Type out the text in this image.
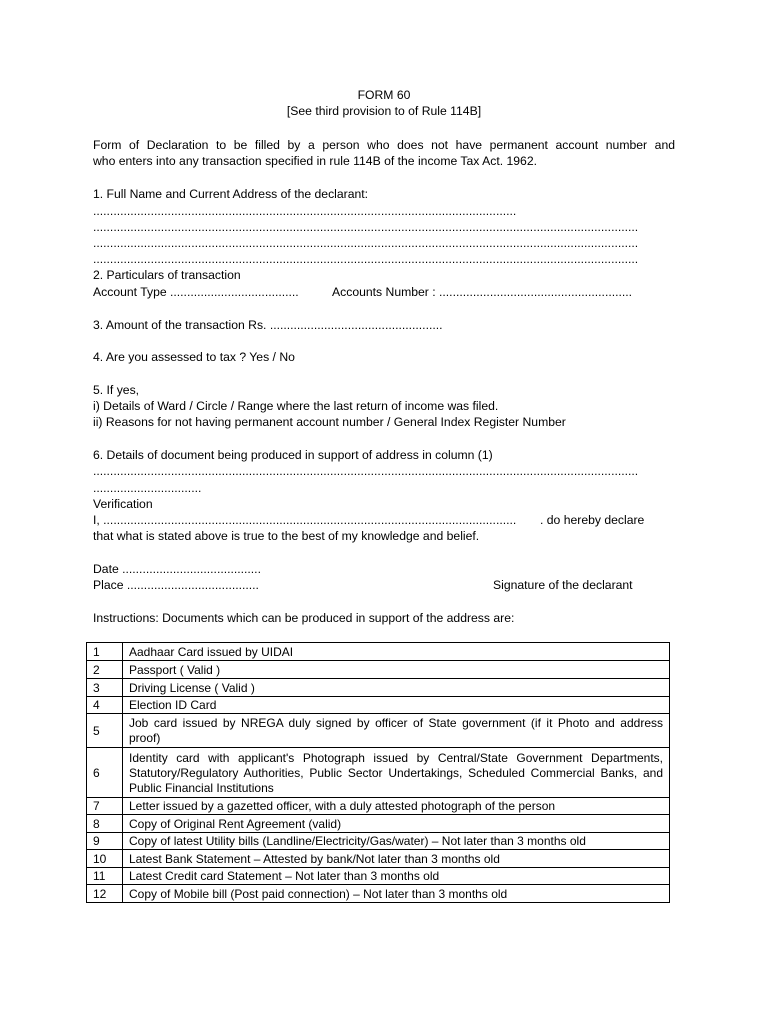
FORM 60
[See third provision to of Rule 114B]
Form of Declaration to be filled by a person who does not have permanent account number and
who enters into any transaction specified in rule 114B of the income Tax Act. 1962.
1. Full Name and Current Address of the declarant:
.............................................................................................................................
.................................................................................................................................................................
.................................................................................................................................................................
.................................................................................................................................................................
2. Particulars of transaction
Account Type ......................................	Accounts Number : .........................................................
3. Amount of the transaction Rs. ...................................................
4. Are you assessed to tax ? Yes / No
5. If yes,
i) Details of Ward / Circle / Range where the last return of income was filed.
ii) Reasons for not having permanent account number / General Index Register Number
6. Details of document being produced in support of address in column (1)
.................................................................................................................................................................
................................
Verification
I, ..........................................................................................................................	. do hereby declare
that what is stated above is true to the best of my knowledge and belief.
Date .........................................
Place .......................................	Signature of the declarant
Instructions: Documents which can be produced in support of the address are:
1	Aadhaar Card issued by UIDAI
2	Passport ( Valid )
3	Driving License ( Valid )
4	Election ID Card
5	Job card issued by NREGA duly signed by officer of State government (if it Photo and address proof)
6	Identity card with applicant's Photograph issued by Central/State Government Departments, Statutory/Regulatory Authorities, Public Sector Undertakings, Scheduled Commercial Banks, and Public Financial Institutions
7	Letter issued by a gazetted officer, with a duly attested photograph of the person
8	Copy of Original Rent Agreement (valid)
9	Copy of latest Utility bills (Landline/Electricity/Gas/water) – Not later than 3 months old
10	Latest Bank Statement – Attested by bank/Not later than 3 months old
11	Latest Credit card Statement – Not later than 3 months old
12	Copy of Mobile bill (Post paid connection) – Not later than 3 months old
